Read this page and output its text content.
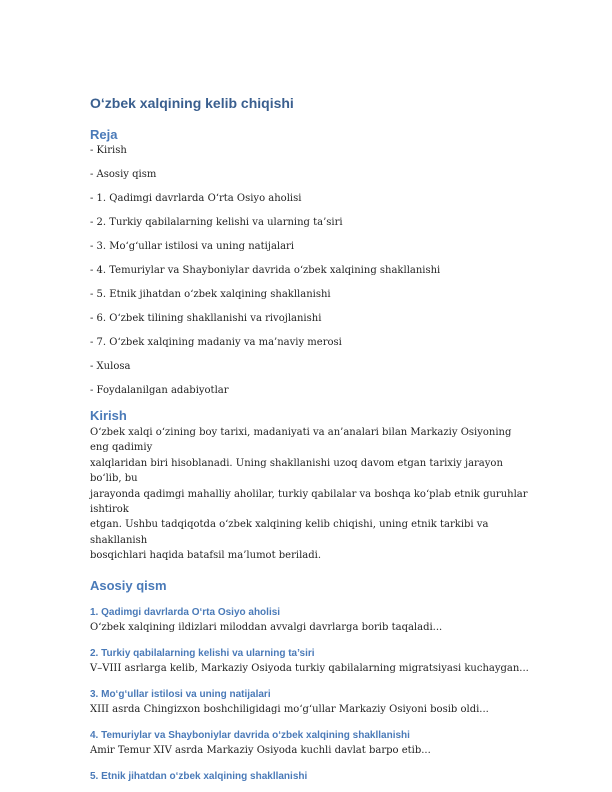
O‘zbek xalqining kelib chiqishi
Reja

- Kirish

- Asosiy qism

- 1. Qadimgi davrlarda O‘rta Osiyo aholisi

- 2. Turkiy qabilalarning kelishi va ularning ta’siri

- 3. Mo‘g‘ullar istilosi va uning natijalari

- 4. Temuriylar va Shayboniylar davrida o‘zbek xalqining shakllanishi

- 5. Etnik jihatdan o‘zbek xalqining shakllanishi

- 6. O‘zbek tilining shakllanishi va rivojlanishi

- 7. O‘zbek xalqining madaniy va ma’naviy merosi

- Xulosa

- Foydalanilgan adabiyotlar

Kirish

O‘zbek xalqi o‘zining boy tarixi, madaniyati va an’analari bilan Markaziy Osiyoning eng qadimiy

xalqlaridan biri hisoblanadi. Uning shakllanishi uzoq davom etgan tarixiy jarayon bo‘lib, bu

jarayonda qadimgi mahalliy aholilar, turkiy qabilalar va boshqa ko‘plab etnik guruhlar ishtirok

etgan. Ushbu tadqiqotda o‘zbek xalqining kelib chiqishi, uning etnik tarkibi va shakllanish

bosqichlari haqida batafsil ma’lumot beriladi.

Asosiy qism
1. Qadimgi davrlarda O‘rta Osiyo aholisi

O‘zbek xalqining ildizlari miloddan avvalgi davrlarga borib taqaladi...

2. Turkiy qabilalarning kelishi va ularning ta’siri

V–VIII asrlarga kelib, Markaziy Osiyoda turkiy qabilalarning migratsiyasi kuchaygan...

3. Mo‘g‘ullar istilosi va uning natijalari

XIII asrda Chingizxon boshchiligidagi mo‘g‘ullar Markaziy Osiyoni bosib oldi...

4. Temuriylar va Shayboniylar davrida o‘zbek xalqining shakllanishi

Amir Temur XIV asrda Markaziy Osiyoda kuchli davlat barpo etib...

5. Etnik jihatdan o‘zbek xalqining shakllanishi
